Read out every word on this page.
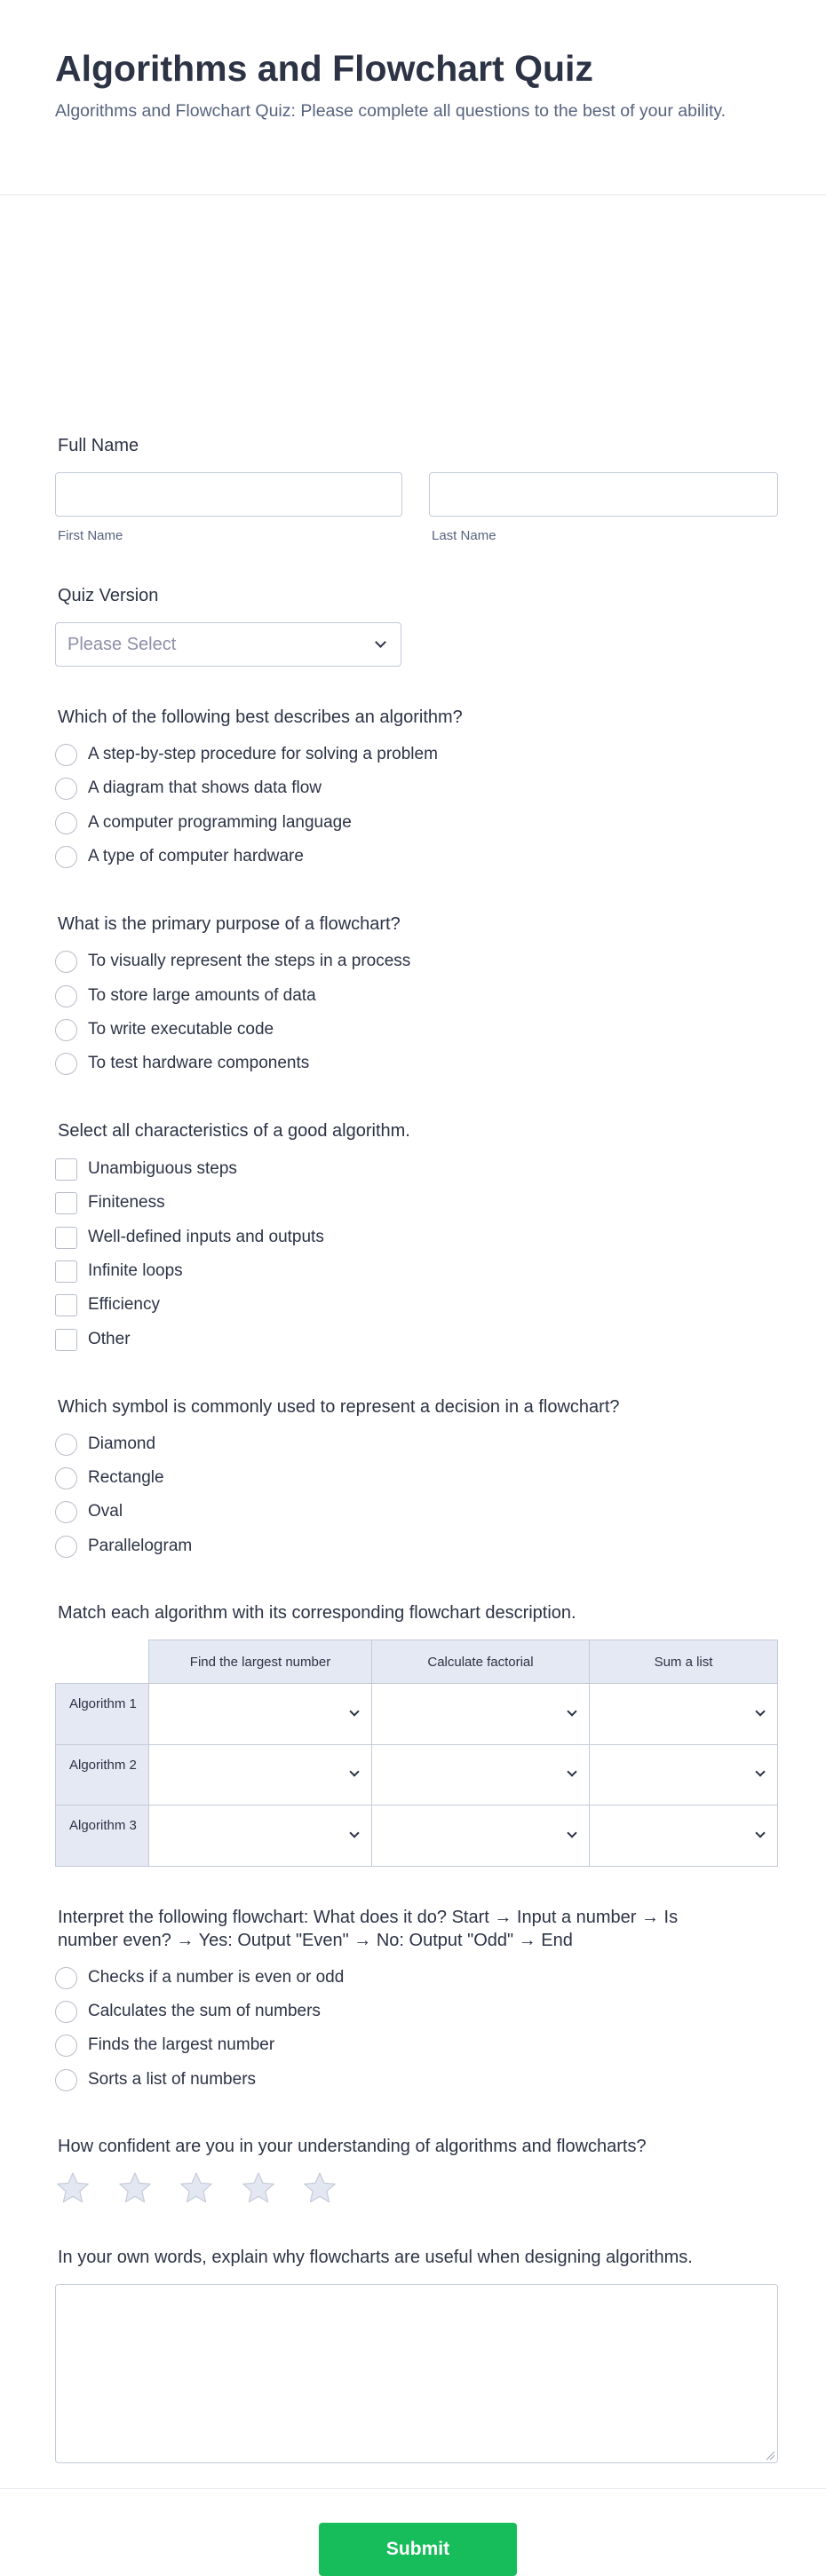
Algorithms and Flowchart Quiz
Algorithms and Flowchart Quiz: Please complete all questions to the best of your ability.
Full Name
First Name	Last Name
Quiz Version
Please Select
Which of the following best describes an algorithm?
A step-by-step procedure for solving a problem
A diagram that shows data flow
A computer programming language
A type of computer hardware
What is the primary purpose of a flowchart?
To visually represent the steps in a process
To store large amounts of data
To write executable code
To test hardware components
Select all characteristics of a good algorithm.
Unambiguous steps
Finiteness
Well-defined inputs and outputs
Infinite loops
Efficiency
Other
Which symbol is commonly used to represent a decision in a flowchart?
Diamond
Rectangle
Oval
Parallelogram
Match each algorithm with its corresponding flowchart description.
Find the largest number	Calculate factorial	Sum a list
Algorithm 1
Algorithm 2
Algorithm 3
Interpret the following flowchart: What does it do? Start → Input a number → Is
number even? → Yes: Output "Even" → No: Output "Odd" → End
Checks if a number is even or odd
Calculates the sum of numbers
Finds the largest number
Sorts a list of numbers
How confident are you in your understanding of algorithms and flowcharts?
In your own words, explain why flowcharts are useful when designing algorithms.
Submit
